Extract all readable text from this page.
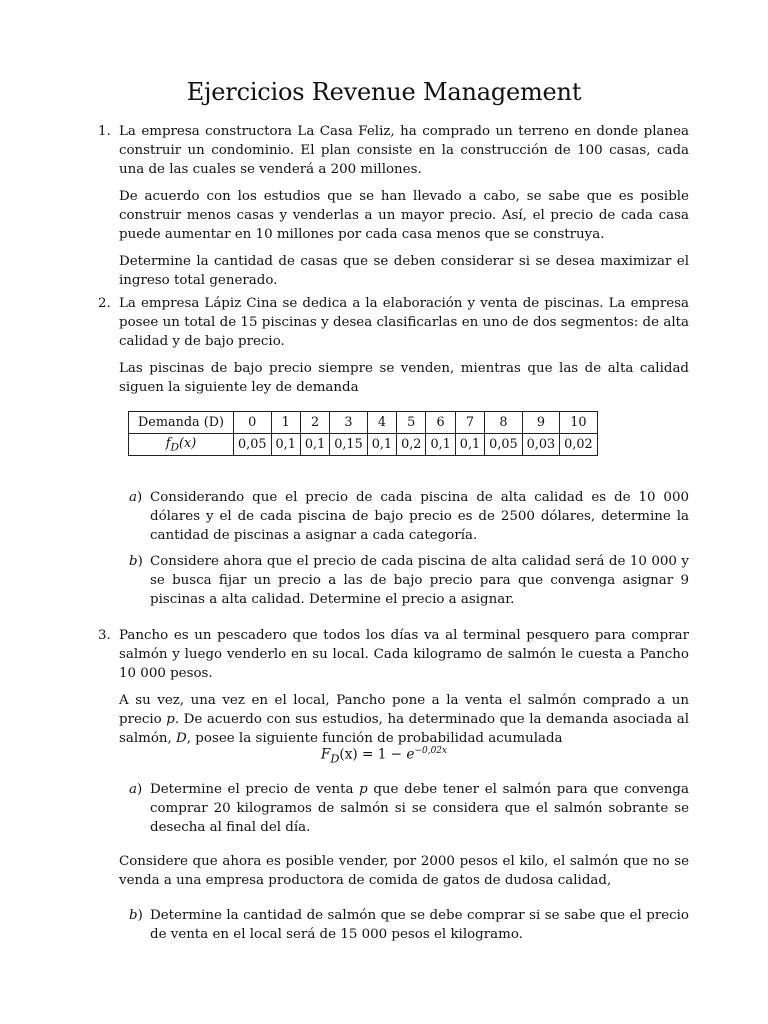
Ejercicios Revenue Management
1. La empresa constructora La Casa Feliz, ha comprado un terreno en donde planea construir un condominio. El plan consiste en la construcción de 100 casas, cada una de las cuales se venderá a 200 millones.

De acuerdo con los estudios que se han llevado a cabo, se sabe que es posible construir menos casas y venderlas a un mayor precio. Así, el precio de cada casa puede aumentar en 10 millones por cada casa menos que se construya.

Determine la cantidad de casas que se deben considerar si se desea maximizar el ingreso total generado.

2. La empresa Lápiz Cina se dedica a la elaboración y venta de piscinas. La empresa posee un total de 15 piscinas y desea clasificarlas en uno de dos segmentos: de alta calidad y de bajo precio.

Las piscinas de bajo precio siempre se venden, mientras que las de alta calidad siguen la siguiente ley de demanda

Demanda (D)	0	1	2	3	4	5	6	7	8	9	10
$f_D(x)$	0,05	0,1	0,1	0,15	0,1	0,2	0,1	0,1	0,05	0,03	0,02
a) Considerando que el precio de cada piscina de alta calidad es de 10 000 dólares y el de cada piscina de bajo precio es de 2500 dólares, determine la cantidad de piscinas a asignar a cada categoría.
b) Considere ahora que el precio de cada piscina de alta calidad será de 10 000 y se busca fijar un precio a las de bajo precio para que convenga asignar 9 piscinas a alta calidad. Determine el precio a asignar.
3. Pancho es un pescadero que todos los días va al terminal pesquero para comprar salmón y luego venderlo en su local. Cada kilogramo de salmón le cuesta a Pancho 10 000 pesos.

A su vez, una vez en el local, Pancho pone a la venta el salmón comprado a un precio p. De acuerdo con sus estudios, ha determinado que la demanda asociada al salmón, D, posee la siguiente función de probabilidad acumulada

$F_D(x) = 1 - e^{-0,02x}$
a) Determine el precio de venta p que debe tener el salmón para que convenga comprar 20 kilogramos de salmón si se considera que el salmón sobrante se desecha al final del día.

Considere que ahora es posible vender, por 2000 pesos el kilo, el salmón que no se venda a una empresa productora de comida de gatos de dudosa calidad,

b) Determine la cantidad de salmón que se debe comprar si se sabe que el precio de venta en el local será de 15 000 pesos el kilogramo.
